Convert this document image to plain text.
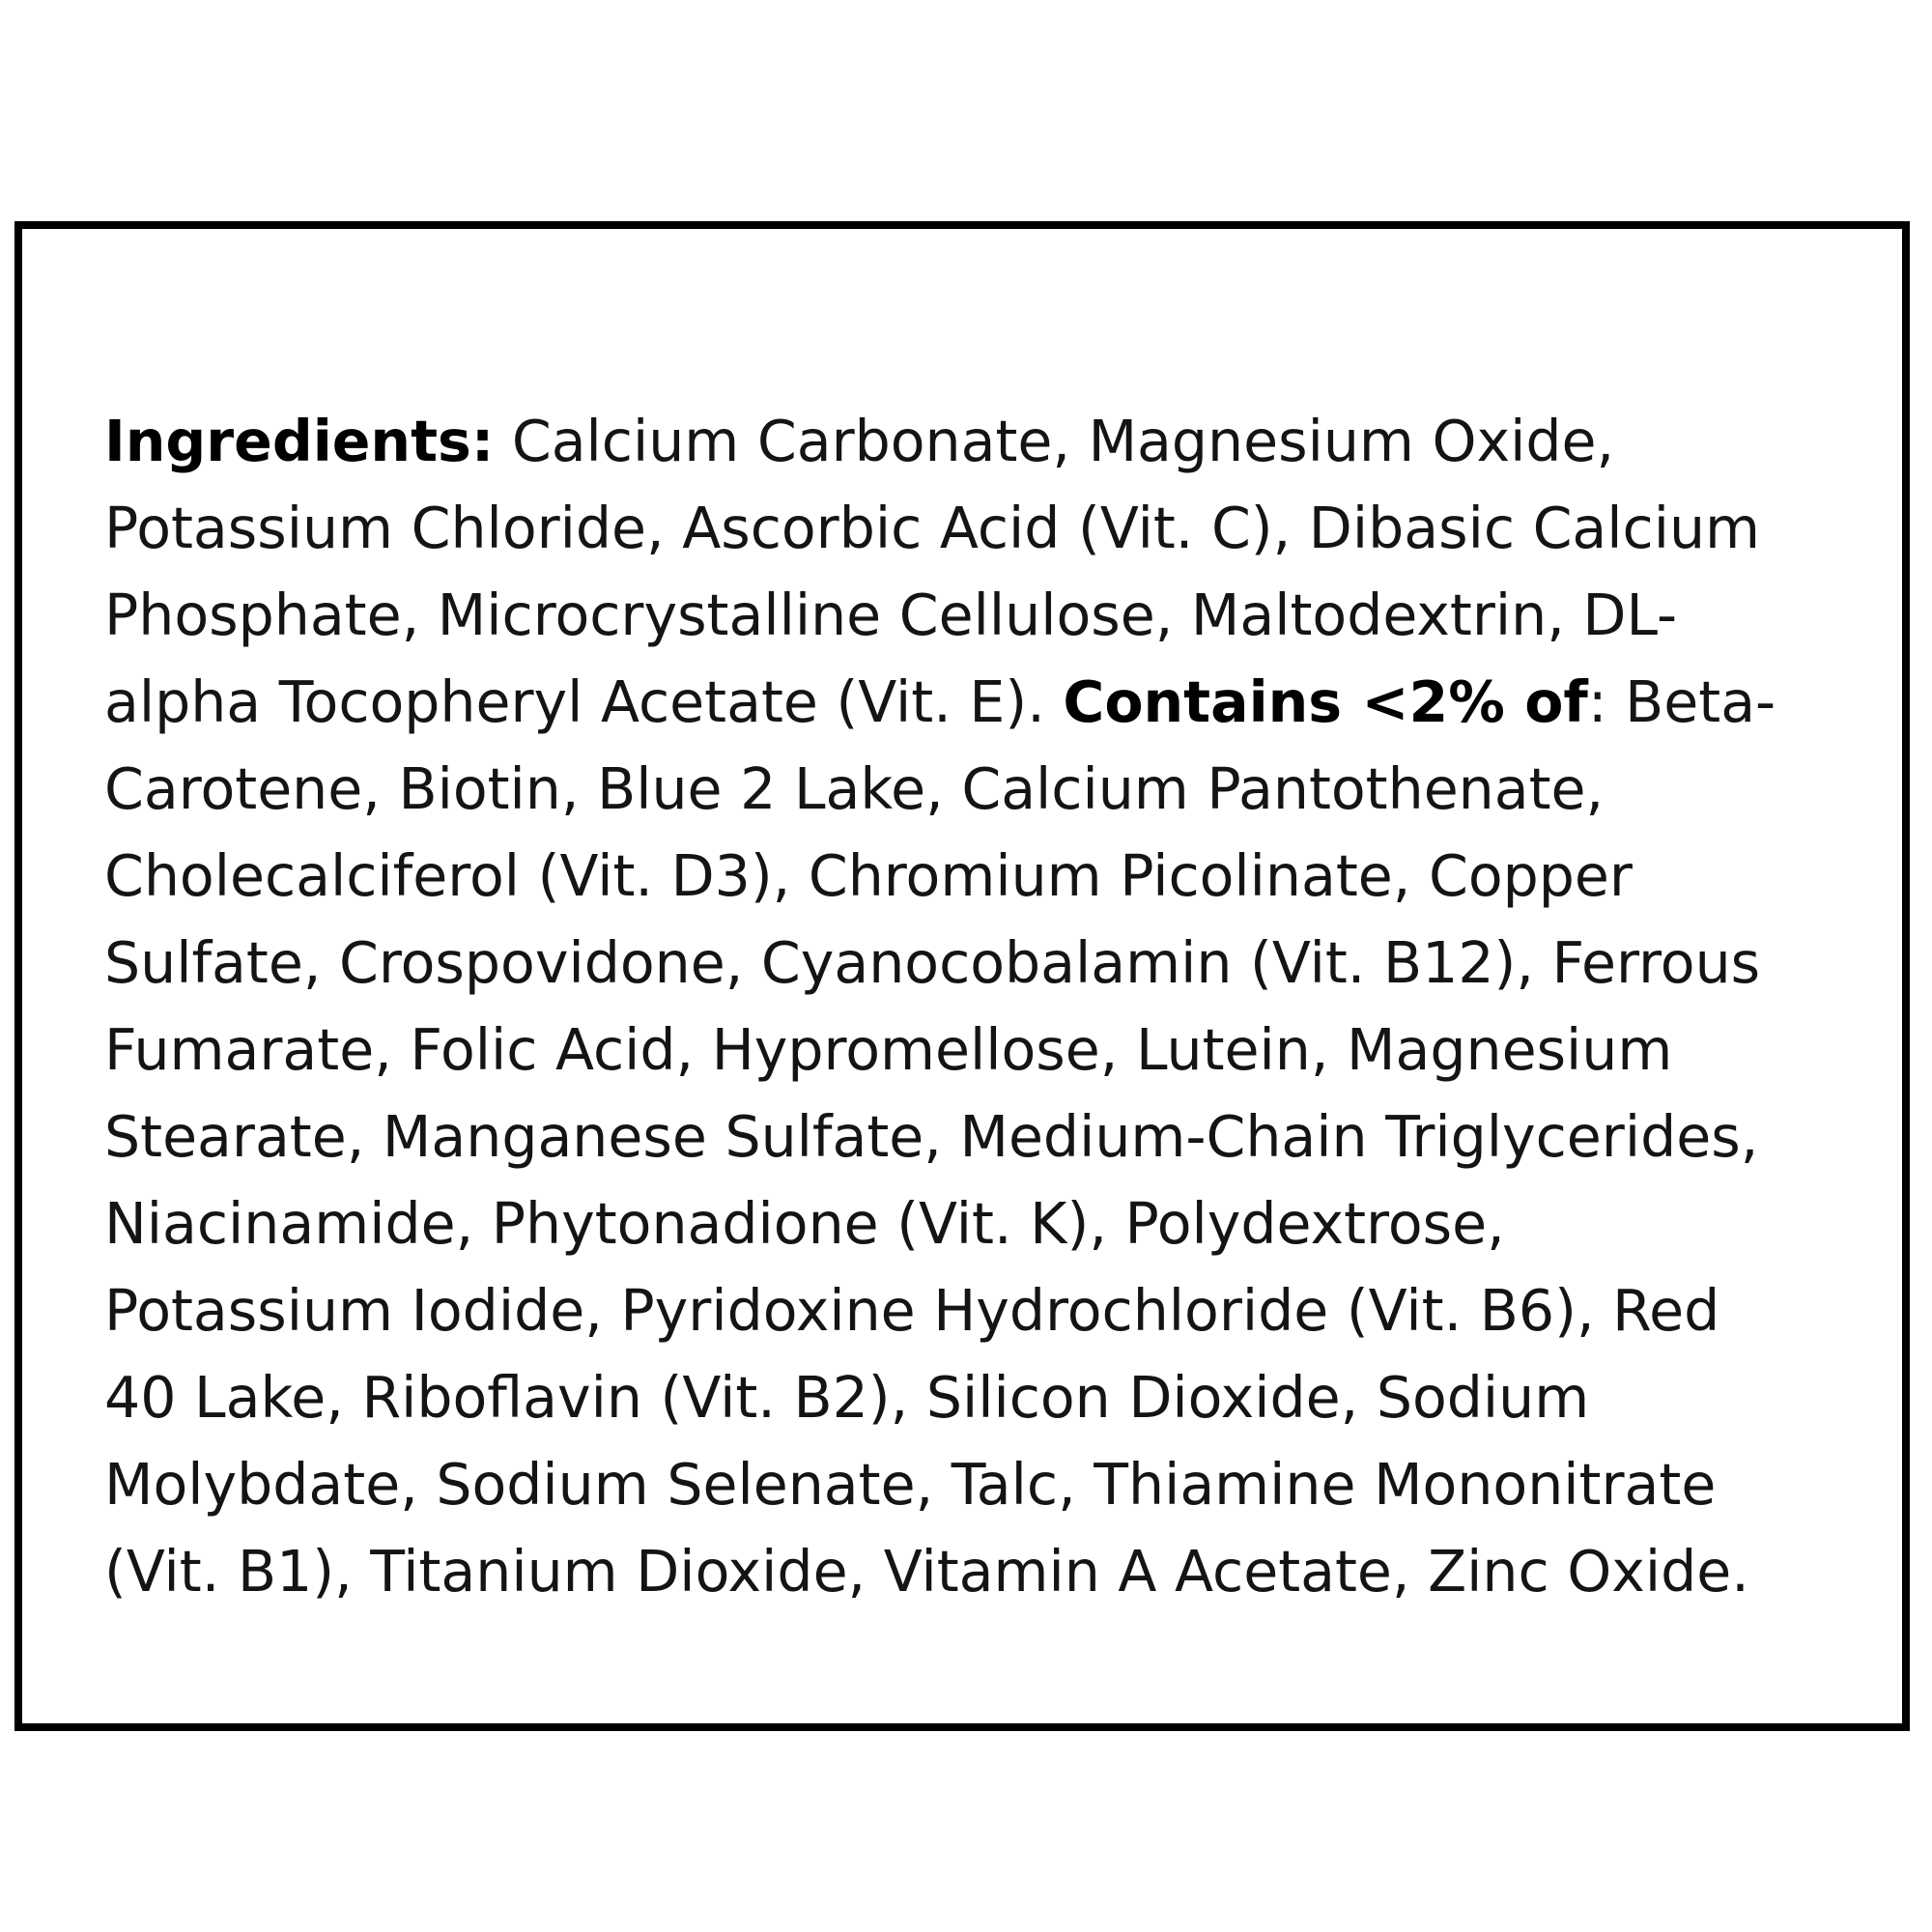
Ingredients: Calcium Carbonate, Magnesium Oxide,
Potassium Chloride, Ascorbic Acid (Vit. C), Dibasic Calcium
Phosphate, Microcrystalline Cellulose, Maltodextrin, DL-
alpha Tocopheryl Acetate (Vit. E). Contains <2% of: Beta-
Carotene, Biotin, Blue 2 Lake, Calcium Pantothenate,
Cholecalciferol (Vit. D3), Chromium Picolinate, Copper
Sulfate, Crospovidone, Cyanocobalamin (Vit. B12), Ferrous
Fumarate, Folic Acid, Hypromellose, Lutein, Magnesium
Stearate, Manganese Sulfate, Medium-Chain Triglycerides,
Niacinamide, Phytonadione (Vit. K), Polydextrose,
Potassium Iodide, Pyridoxine Hydrochloride (Vit. B6), Red
40 Lake, Riboflavin (Vit. B2), Silicon Dioxide, Sodium
Molybdate, Sodium Selenate, Talc, Thiamine Mononitrate
(Vit. B1), Titanium Dioxide, Vitamin A Acetate, Zinc Oxide.
